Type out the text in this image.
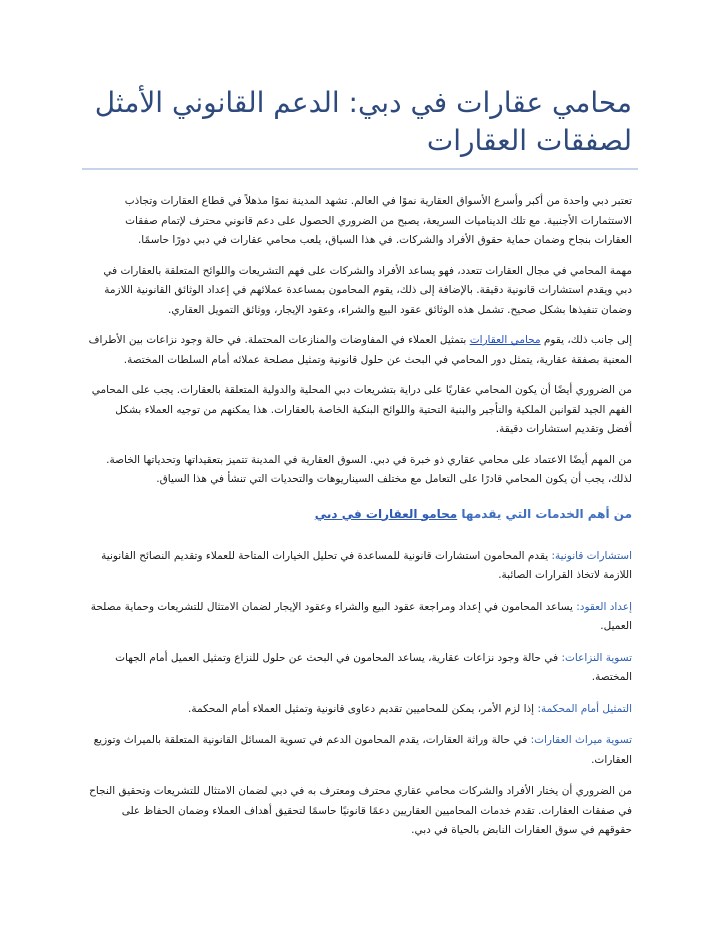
محامي عقارات في دبي: الدعم القانوني الأمثل لصفقات العقارات

تعتبر دبي واحدة من أكبر وأسرع الأسواق العقارية نموًا في العالم. تشهد المدينة نموًا مذهلاً في قطاع العقارات وتجاذب الاستثمارات الأجنبية. مع تلك الديناميات السريعة، يصبح من الضروري الحصول على دعم قانوني محترف لإتمام صفقات العقارات بنجاح وضمان حماية حقوق الأفراد والشركات. في هذا السياق، يلعب محامي عقارات في دبي دورًا حاسمًا.

مهمة المحامي في مجال العقارات تتعدد، فهو يساعد الأفراد والشركات على فهم التشريعات واللوائح المتعلقة بالعقارات في دبي ويقدم استشارات قانونية دقيقة. بالإضافة إلى ذلك، يقوم المحامون بمساعدة عملائهم في إعداد الوثائق القانونية اللازمة وضمان تنفيذها بشكل صحيح. تشمل هذه الوثائق عقود البيع والشراء، وعقود الإيجار، ووثائق التمويل العقاري.

إلى جانب ذلك، يقوم محامي العقارات بتمثيل العملاء في المفاوضات والمنازعات المحتملة. في حالة وجود نزاعات بين الأطراف المعنية بصفقة عقارية، يتمثل دور المحامي في البحث عن حلول قانونية وتمثيل مصلحة عملائه أمام السلطات المختصة.

من الضروري أيضًا أن يكون المحامي عقاريًا على دراية بتشريعات دبي المحلية والدولية المتعلقة بالعقارات. يجب على المحامي الفهم الجيد لقوانين الملكية والتأجير والبنية التحتية واللوائح البنكية الخاصة بالعقارات. هذا يمكنهم من توجيه العملاء بشكل أفضل وتقديم استشارات دقيقة.

من المهم أيضًا الاعتماد على محامي عقاري ذو خبرة في دبي. السوق العقارية في المدينة تتميز بتعقيداتها وتحدياتها الخاصة. لذلك، يجب أن يكون المحامي قادرًا على التعامل مع مختلف السيناريوهات والتحديات التي تنشأ في هذا السياق.

من أهم الخدمات التي يقدمها محامو العقارات في دبي

استشارات قانونية: يقدم المحامون استشارات قانونية للمساعدة في تحليل الخيارات المتاحة للعملاء وتقديم النصائح القانونية اللازمة لاتخاذ القرارات الصائبة.

إعداد العقود: يساعد المحامون في إعداد ومراجعة عقود البيع والشراء وعقود الإيجار لضمان الامتثال للتشريعات وحماية مصلحة العميل.

تسوية النزاعات: في حالة وجود نزاعات عقارية، يساعد المحامون في البحث عن حلول للنزاع وتمثيل العميل أمام الجهات المختصة.

التمثيل أمام المحكمة: إذا لزم الأمر، يمكن للمحاميين تقديم دعاوى قانونية وتمثيل العملاء أمام المحكمة.

تسوية ميراث العقارات: في حالة وراثة العقارات، يقدم المحامون الدعم في تسوية المسائل القانونية المتعلقة بالميراث وتوزيع العقارات.

من الضروري أن يختار الأفراد والشركات محامي عقاري محترف ومعترف به في دبي لضمان الامتثال للتشريعات وتحقيق النجاح في صفقات العقارات. تقدم خدمات المحاميين العقاريين دعمًا قانونيًا حاسمًا لتحقيق أهداف العملاء وضمان الحفاظ على حقوقهم في سوق العقارات النابض بالحياة في دبي.
